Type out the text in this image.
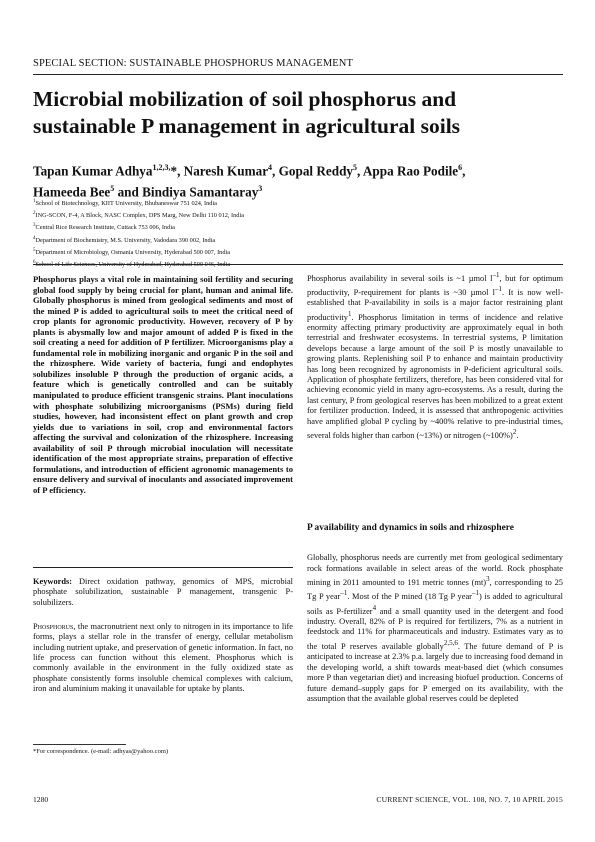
SPECIAL SECTION: SUSTAINABLE PHOSPHORUS MANAGEMENT
Microbial mobilization of soil phosphorus and sustainable P management in agricultural soils

Tapan Kumar Adhya$^{1,2,3,}$*, Naresh Kumar$^4$, Gopal Reddy$^5$, Appa Rao Podile$^6$,
Hameeda Bee$^5$ and Bindiya Samantaray$^3$

$^1$School of Biotechnology, KIIT University, Bhubaneswar 751 024, India
$^2$ING-SCON, F-4, A Block, NASC Complex, DPS Marg, New Delhi 110 012, India
$^3$Central Rice Research Institute, Cuttack 753 006, India
$^4$Department of Biochemistry, M.S. University, Vadodara 390 002, India
$^5$Department of Microbiology, Osmania University, Hyderabad 500 007, India
$^6$School of Life Sciences, University of Hyderabad, Hyderabad 500 046, India

Phosphorus plays a vital role in maintaining soil fertility and securing global food supply by being crucial for plant, human and animal life. Globally phosphorus is mined from geological sediments and most of the mined P is added to agricultural soils to meet the critical need of crop plants for agronomic productivity. However, recovery of P by plants is abysmally low and major amount of added P is fixed in the soil creating a need for addition of P fertilizer. Microorganisms play a fundamental role in mobilizing inorganic and organic P in the soil and the rhizosphere. Wide variety of bacteria, fungi and endophytes solubilizes insoluble P through the production of organic acids, a feature which is genetically controlled and can be suitably manipulated to produce efficient transgenic strains. Plant inoculations with phosphate solubilizing microorganisms (PSMs) during field studies, however, had inconsistent effect on plant growth and crop yields due to variations in soil, crop and environmental factors affecting the survival and colonization of the rhizosphere. Increasing availability of soil P through microbial inoculation will necessitate identification of the most appropriate strains, preparation of effective formulations, and introduction of efficient agronomic managements to ensure delivery and survival of inoculants and associated improvement of P efficiency.

Keywords: Direct oxidation pathway, genomics of MPS, microbial phosphate solubilization, sustainable P management, transgenic P-solubilizers.

Phosphorus, the macronutrient next only to nitrogen in its importance to life forms, plays a stellar role in the transfer of energy, cellular metabolism including nutrient uptake, and preservation of genetic information. In fact, no life process can function without this element. Phosphorus which is commonly available in the environment in the fully oxidized state as phosphate consistently forms insoluble chemical complexes with calcium, iron and aluminium making it unavailable for uptake by plants.

Phosphorus availability in several soils is ~1 µmol $l^{-1}$, but for optimum productivity, P-requirement for plants is ~30 µmol $l^{-1}$. It is now well-established that P-availability in soils is a major factor restraining plant productivity$^1$. Phosphorus limitation in terms of incidence and relative enormity affecting primary productivity are approximately equal in both terrestrial and freshwater ecosystems. In terrestrial systems, P limitation develops because a large amount of the soil P is mostly unavailable to growing plants. Replenishing soil P to enhance and maintain productivity has long been recognized by agronomists in P-deficient agricultural soils. Application of phosphate fertilizers, therefore, has been considered vital for achieving economic yield in many agro-ecosystems. As a result, during the last century, P from geological reserves has been mobilized to a great extent for fertilizer production. Indeed, it is assessed that anthropogenic activities have amplified global P cycling by ~400% relative to pre-industrial times, several folds higher than carbon (~13%) or nitrogen (~100%)$^2$.

P availability and dynamics in soils and rhizosphere

Globally, phosphorus needs are currently met from geological sedimentary rock formations available in select areas of the world. Rock phosphate mining in 2011 amounted to 191 metric tonnes (mt)$^3$, corresponding to 25 Tg P year$^{-1}$. Most of the P mined (18 Tg P year$^{-1}$) is added to agricultural soils as P-fertilizer$^4$ and a small quantity used in the detergent and food industry. Overall, 82% of P is required for fertilizers, 7% as a nutrient in feedstock and 11% for pharmaceuticals and industry. Estimates vary as to the total P reserves available globally$^{2,5,6}$. The future demand of P is anticipated to increase at 2.3% p.a. largely due to increasing food demand in the developing world, a shift towards meat-based diet (which consumes more P than vegetarian diet) and increasing biofuel production. Concerns of future demand–supply gaps for P emerged on its availability, with the assumption that the available global reserves could be depleted

*For correspondence. (e-mail: adhyas@yahoo.com)
1280	CURRENT SCIENCE, VOL. 108, NO. 7, 10 APRIL 2015
